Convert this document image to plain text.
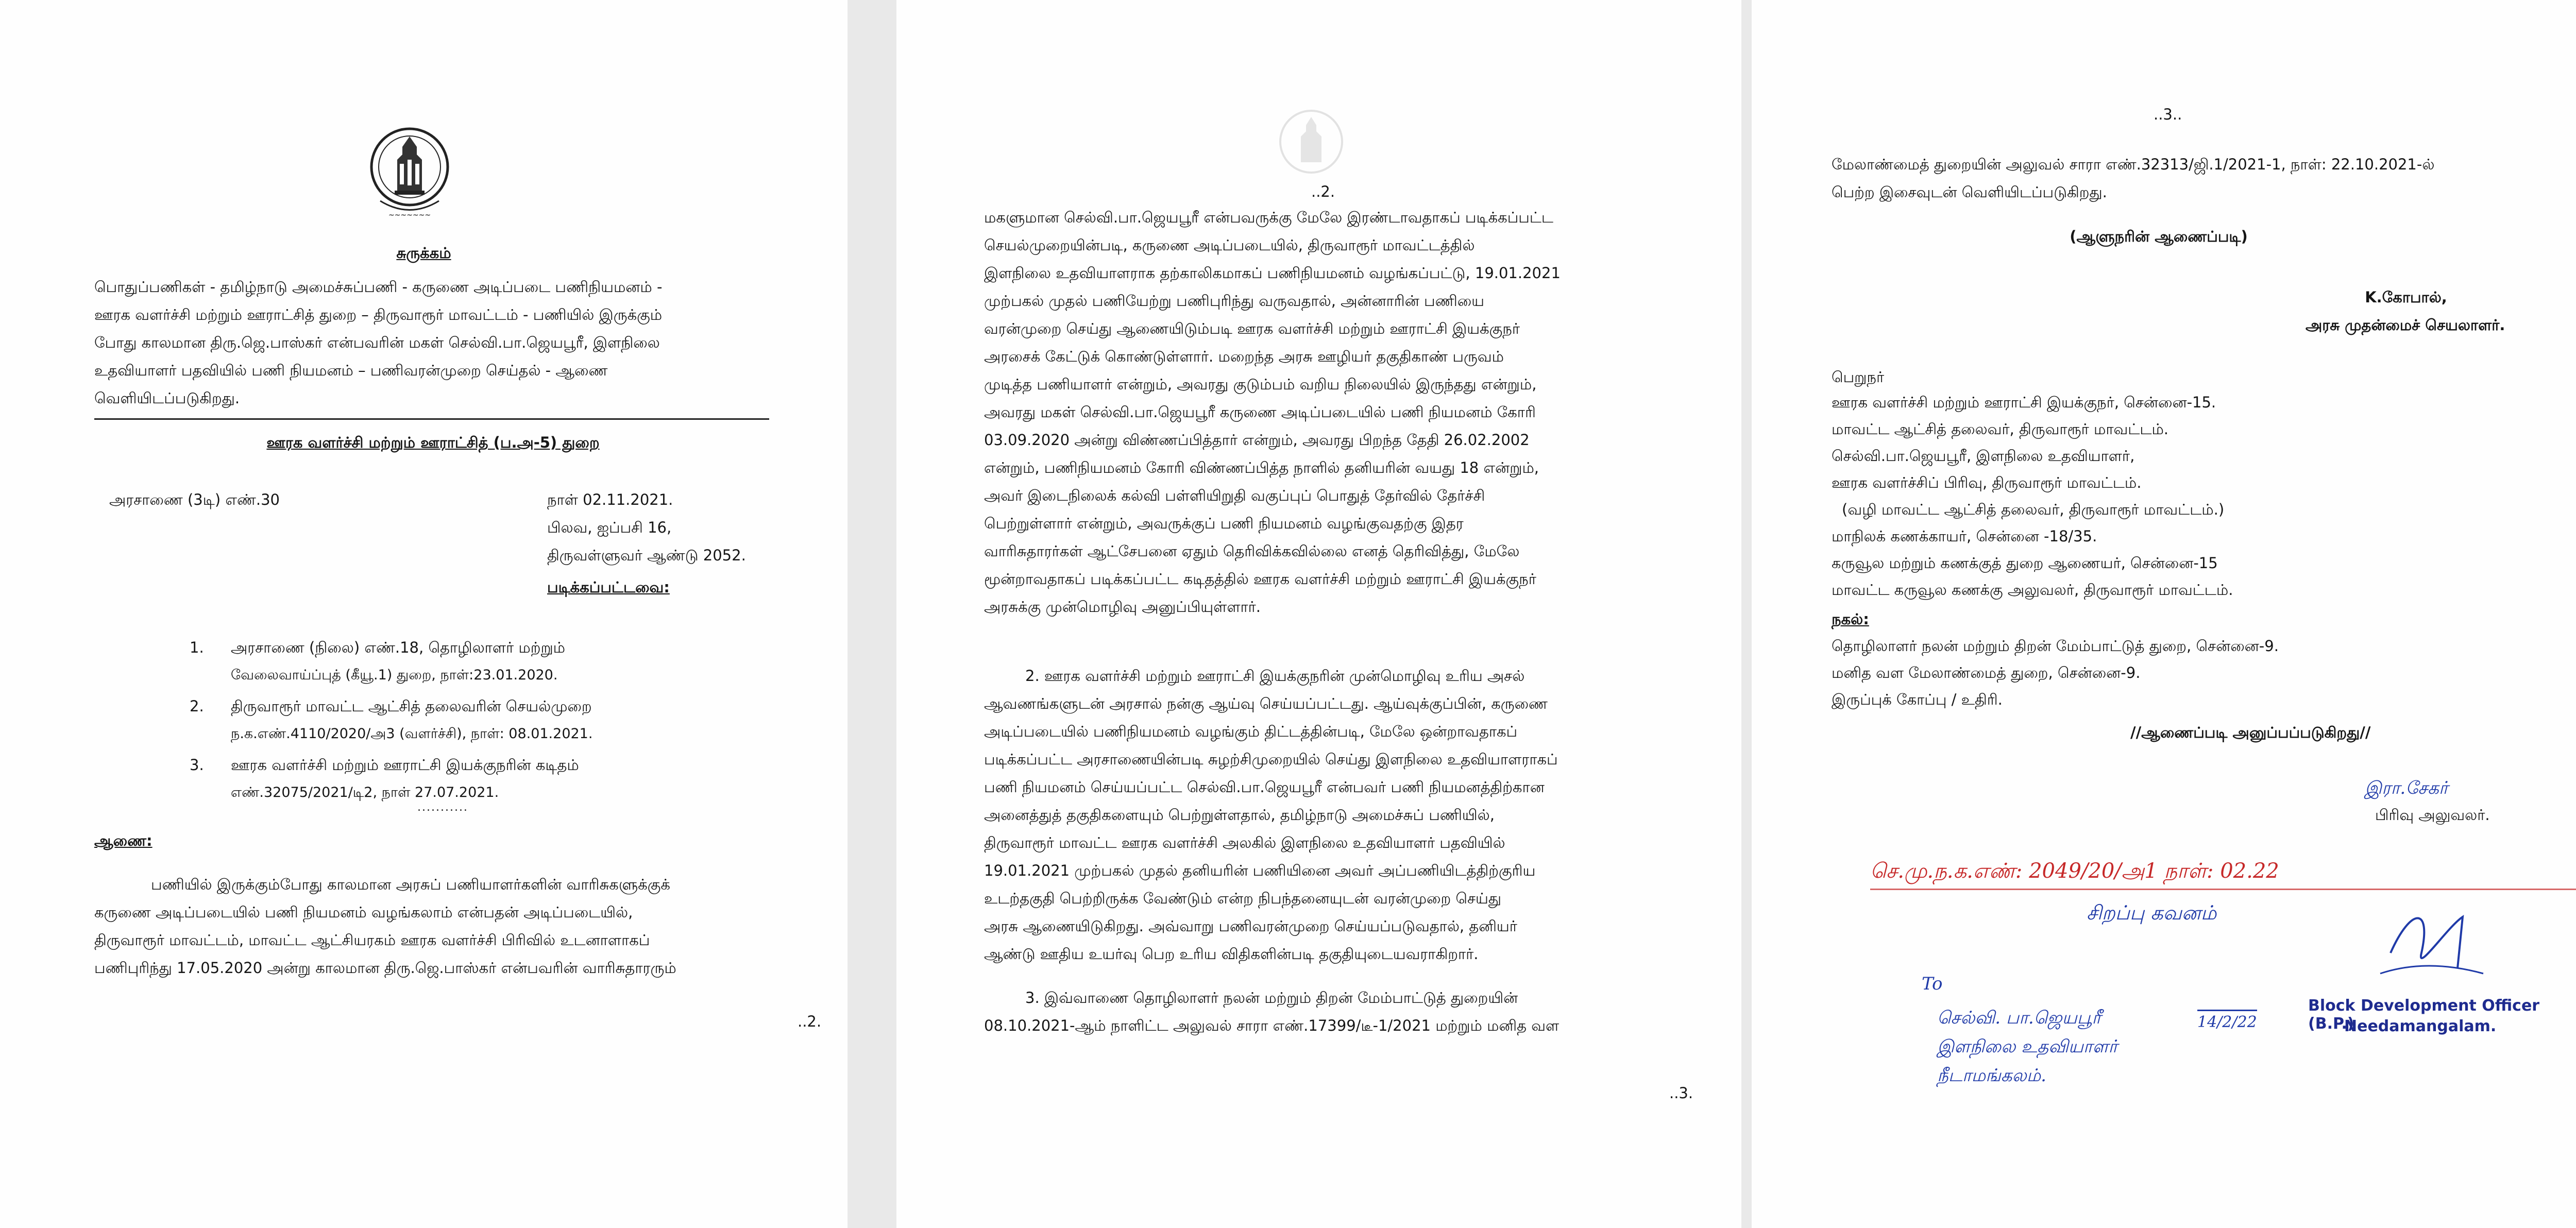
~~~~~~~
சுருக்கம்
பொதுப்பணிகள் - தமிழ்நாடு அமைச்சுப்பணி - கருணை அடிப்படை பணிநியமனம் -
ஊரக வளர்ச்சி மற்றும் ஊராட்சித் துறை – திருவாரூர் மாவட்டம் - பணியில் இருக்கும்
போது காலமான திரு.ஜெ.பாஸ்கர் என்பவரின் மகள் செல்வி.பா.ஜெயபூரீ, இளநிலை
உதவியாளர் பதவியில் பணி நியமனம் – பணிவரன்முறை செய்தல் - ஆணை
வெளியிடப்படுகிறது.
ஊரக வளர்ச்சி மற்றும் ஊராட்சித் (ப.அ-5) துறை
அரசாணை (3டி) எண்.30	நாள் 02.11.2021.
பிலவ, ஐப்பசி 16,
திருவள்ளுவர் ஆண்டு 2052.
படிக்கப்பட்டவை:
1. அரசாணை (நிலை) எண்.18, தொழிலாளர் மற்றும்
வேலைவாய்ப்புத் (கீயூ.1) துறை, நாள்:23.01.2020.
2. திருவாரூர் மாவட்ட ஆட்சித் தலைவரின் செயல்முறை
ந.க.எண்.4110/2020/அ3 (வளர்ச்சி), நாள்: 08.01.2021.
3. ஊரக வளர்ச்சி மற்றும் ஊராட்சி இயக்குநரின் கடிதம்
எண்.32075/2021/டி2, நாள் 27.07.2021.
...........
ஆணை:
பணியில் இருக்கும்போது காலமான அரசுப் பணியாளர்களின் வாரிசுகளுக்குக்
கருணை அடிப்படையில் பணி நியமனம் வழங்கலாம் என்பதன் அடிப்படையில்,
திருவாரூர் மாவட்டம், மாவட்ட ஆட்சியரகம் ஊரக வளர்ச்சி பிரிவில் உடனாளாகப்
பணிபுரிந்து 17.05.2020 அன்று காலமான திரு.ஜெ.பாஸ்கர் என்பவரின் வாரிசுதாரரும்
..2.
..2.
மகளுமான செல்வி.பா.ஜெயபூரீ என்பவருக்கு மேலே இரண்டாவதாகப் படிக்கப்பட்ட
செயல்முறையின்படி, கருணை அடிப்படையில், திருவாரூர் மாவட்டத்தில்
இளநிலை உதவியாளராக தற்காலிகமாகப் பணிநியமனம் வழங்கப்பட்டு, 19.01.2021
முற்பகல் முதல் பணியேற்று பணிபுரிந்து வருவதால், அன்னாரின் பணியை
வரன்முறை செய்து ஆணையிடும்படி ஊரக வளர்ச்சி மற்றும் ஊராட்சி இயக்குநர்
அரசைக் கேட்டுக் கொண்டுள்ளார். மறைந்த அரசு ஊழியர் தகுதிகாண் பருவம்
முடித்த பணியாளர் என்றும், அவரது குடும்பம் வறிய நிலையில் இருந்தது என்றும்,
அவரது மகள் செல்வி.பா.ஜெயபூரீ கருணை அடிப்படையில் பணி நியமனம் கோரி
03.09.2020 அன்று விண்ணப்பித்தார் என்றும், அவரது பிறந்த தேதி 26.02.2002
என்றும், பணிநியமனம் கோரி விண்ணப்பித்த நாளில் தனியரின் வயது 18 என்றும்,
அவர் இடைநிலைக் கல்வி பள்ளியிறுதி வகுப்புப் பொதுத் தேர்வில் தேர்ச்சி
பெற்றுள்ளார் என்றும், அவருக்குப் பணி நியமனம் வழங்குவதற்கு இதர
வாரிசுதாரர்கள் ஆட்சேபனை ஏதும் தெரிவிக்கவில்லை எனத் தெரிவித்து, மேலே
மூன்றாவதாகப் படிக்கப்பட்ட கடிதத்தில் ஊரக வளர்ச்சி மற்றும் ஊராட்சி இயக்குநர்
அரசுக்கு முன்மொழிவு அனுப்பியுள்ளார்.
2. ஊரக வளர்ச்சி மற்றும் ஊராட்சி இயக்குநரின் முன்மொழிவு உரிய அசல்
ஆவணங்களுடன் அரசால் நன்கு ஆய்வு செய்யப்பட்டது. ஆய்வுக்குப்பின், கருணை
அடிப்படையில் பணிநியமனம் வழங்கும் திட்டத்தின்படி, மேலே ஒன்றாவதாகப்
படிக்கப்பட்ட அரசாணையின்படி சுழற்சிமுறையில் செய்து இளநிலை உதவியாளராகப்
பணி நியமனம் செய்யப்பட்ட செல்வி.பா.ஜெயபூரீ என்பவர் பணி நியமனத்திற்கான
அனைத்துத் தகுதிகளையும் பெற்றுள்ளதால், தமிழ்நாடு அமைச்சுப் பணியில்,
திருவாரூர் மாவட்ட ஊரக வளர்ச்சி அலகில் இளநிலை உதவியாளர் பதவியில்
19.01.2021 முற்பகல் முதல் தனியரின் பணியினை அவர் அப்பணியிடத்திற்குரிய
உடற்தகுதி பெற்றிருக்க வேண்டும் என்ற நிபந்தனையுடன் வரன்முறை செய்து
அரசு ஆணையிடுகிறது. அவ்வாறு பணிவரன்முறை செய்யப்படுவதால், தனியர்
ஆண்டு ஊதிய உயர்வு பெற உரிய விதிகளின்படி தகுதியுடையவராகிறார்.
3. இவ்வாணை தொழிலாளர் நலன் மற்றும் திறன் மேம்பாட்டுத் துறையின்
08.10.2021-ஆம் நாளிட்ட அலுவல் சாரா எண்.17399/டீ-1/2021 மற்றும் மனித வள
..3.
..3..
மேலாண்மைத் துறையின் அலுவல் சாரா எண்.32313/ஜி.1/2021-1, நாள்: 22.10.2021-ல்
பெற்ற இசைவுடன் வெளியிடப்படுகிறது.
(ஆளுநரின் ஆணைப்படி)
K.கோபால்,
அரசு முதன்மைச் செயலாளர்.
பெறுநர்
ஊரக வளர்ச்சி மற்றும் ஊராட்சி இயக்குநர், சென்னை-15.
மாவட்ட ஆட்சித் தலைவர், திருவாரூர் மாவட்டம்.
செல்வி.பா.ஜெயபூரீ, இளநிலை உதவியாளர்,
ஊரக வளர்ச்சிப் பிரிவு, திருவாரூர் மாவட்டம்.
(வழி மாவட்ட ஆட்சித் தலைவர், திருவாரூர் மாவட்டம்.)
மாநிலக் கணக்காயர், சென்னை -18/35.
கருவூல மற்றும் கணக்குத் துறை ஆணையர், சென்னை-15
மாவட்ட கருவூல கணக்கு அலுவலர், திருவாரூர் மாவட்டம்.
நகல்:
தொழிலாளர் நலன் மற்றும் திறன் மேம்பாட்டுத் துறை, சென்னை-9.
மனித வள மேலாண்மைத் துறை, சென்னை-9.
இருப்புக் கோப்பு / உதிரி.
//ஆணைப்படி அனுப்பப்படுகிறது//
இரா.சேகர்
பிரிவு அலுவலர்.
செ.மு.ந.க.எண்: 2049/20/அ1 நாள்: 02.22
சிறப்பு கவனம்
To
செல்வி. பா.ஜெயபூரீ
இளநிலை உதவியாளர்
நீடாமங்கலம்.
14/2/22
Block Development Officer (B.P.)
Needamangalam.
